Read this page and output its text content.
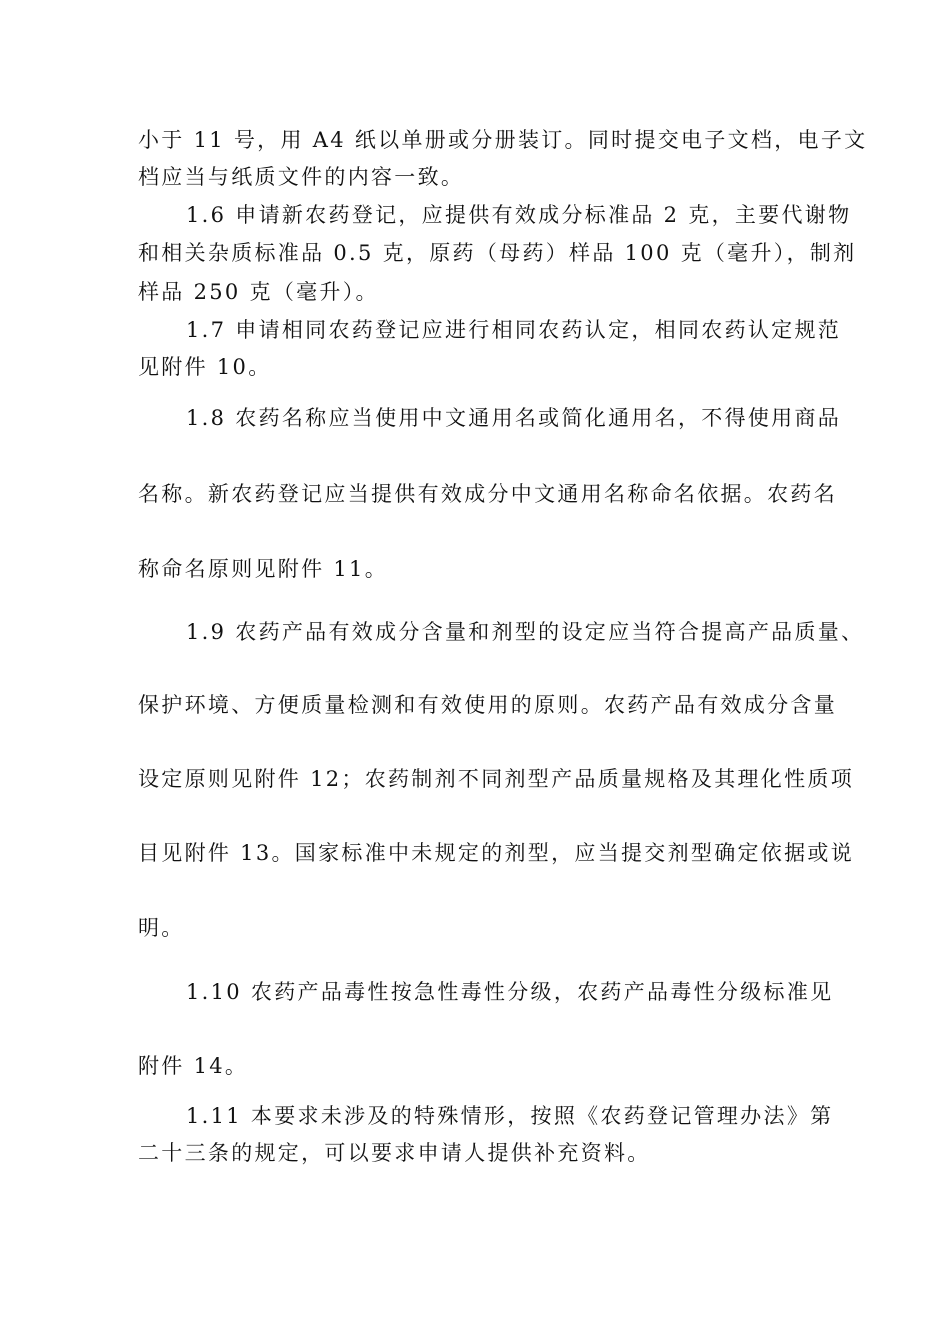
小于 11 号，用 A4 纸以单册或分册装订。同时提交电子文档，电子文
档应当与纸质文件的内容一致。
1.6 申请新农药登记，应提供有效成分标准品 2 克，主要代谢物
和相关杂质标准品 0.5 克，原药（母药）样品 100 克（毫升），制剂
样品 250 克（毫升）。
1.7 申请相同农药登记应进行相同农药认定，相同农药认定规范
见附件 10。
1.8 农药名称应当使用中文通用名或简化通用名，不得使用商品
名称。新农药登记应当提供有效成分中文通用名称命名依据。农药名
称命名原则见附件 11。
1.9 农药产品有效成分含量和剂型的设定应当符合提高产品质量、
保护环境、方便质量检测和有效使用的原则。农药产品有效成分含量
设定原则见附件 12；农药制剂不同剂型产品质量规格及其理化性质项
目见附件 13。国家标准中未规定的剂型，应当提交剂型确定依据或说
明。
1.10 农药产品毒性按急性毒性分级，农药产品毒性分级标准见
附件 14。
1.11 本要求未涉及的特殊情形，按照《农药登记管理办法》第
二十三条的规定，可以要求申请人提供补充资料。
